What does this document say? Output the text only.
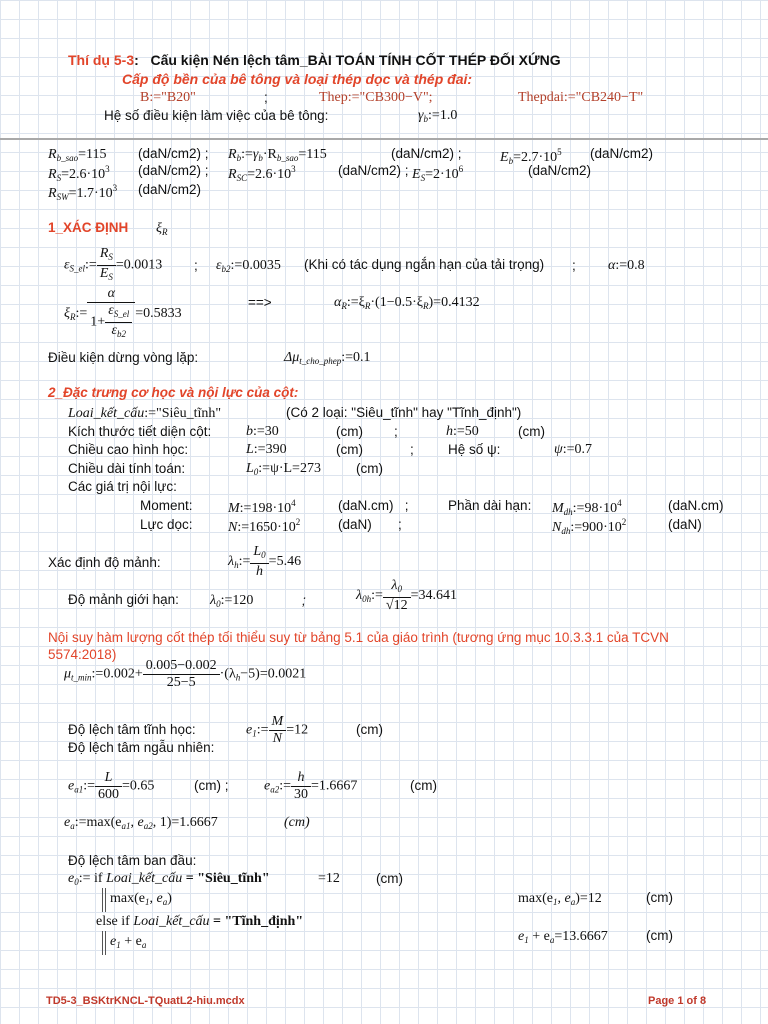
Thí dụ 5-3: Cấu kiện Nén lệch tâm_BÀI TOÁN TÍNH CỐT THÉP ĐỐI XỨNG
Cấp độ bền của bê tông và loại thép dọc và thép đai:
B:="B20"	;	Thep:="CB300−V";	Thepdai:="CB240−T"
Hệ số điều kiện làm việc của bê tông:	$\gamma_b:=1.0$
$R_{b\_sao}=115$ (daN/cm2) ; $R_b:=\gamma_b\cdot R_{b\_sao}=115$	(daN/cm2) ;	$E_b=2.7\cdot 10^5$ (daN/cm2)
$R_S=2.6\cdot 10^3$ (daN/cm2) ; $R_{SC}=2.6\cdot 10^3$	(daN/cm2) ; $E_S=2\cdot 10^6$	(daN/cm2)
$R_{SW}=1.7\cdot 10^3$ (daN/cm2)
1_XÁC ĐỊNH $\xi_R$
$\varepsilon_{S\_el}:= \frac{R_S}{E_S} =0.0013$ ; $\varepsilon_{b2}:=0.0035$ (Khi có tác dụng ngắn hạn của tải trọng) ; α:=0.8
$\xi_R:= \frac{\alpha}{1+ \frac{\varepsilon_{S\_el}}{\varepsilon_{b2}}} =0.5833$
==>	$\alpha_R:=\xi_R\cdot(1-0.5\cdot\xi_R)=0.4132$
Điều kiện dừng vòng lặp:	$\Delta\mu_{t\_cho\_phep}:=0.1$
2_Đặc trưng cơ học và nội lực của cột:
Loai_kết_cấu:="Siêu_tĩnh"	(Có 2 loại: "Siêu_tĩnh" hay "Tĩnh_định")
Kích thước tiết diện cột: b:=30	(cm) ;	h:=50	(cm)
Chiều cao hình học:	L:=390	(cm)	;	Hệ số ψ:	ψ:=0.7
Chiều dài tính toán:	$L_0:=\psi\cdot L=273$	(cm)
Các giá trị nội lực:
Moment:	$M:=198\cdot 10^4$	(daN.cm) ;	Phần dài hạn: $M_{dh}:=98\cdot 10^4$	(daN.cm)
Lực dọc:	$N:=1650\cdot 10^2$	(daN) ;	$N_{dh}:=900\cdot 10^2$	(daN)
Xác định độ mảnh:	$\lambda_h:= \frac{L_0}{h} =5.46$
Độ mảnh giới hạn: $\lambda_0:=120$	;	$\lambda_{0h}:= \frac{\lambda_0}{√12} =34.641$
Nội suy hàm lượng cốt thép tối thiểu suy từ bảng 5.1 của giáo trình (tương ứng mục 10.3.3.1 của TCVN 5574:2018)
$\mu_{t\_min}:=0.002+ \frac{0.005-0.002}{25-5} \cdot(\lambda_h-5)=0.0021$
Độ lệch tâm tĩnh học:
Độ lệch tâm ngẫu nhiên:
$e_1:= \frac{M}{N} =12$	(cm)
$e_{a1}:= \frac{L}{600} =0.65$	(cm) ;	$e_{a2}:= \frac{h}{30} =1.6667$	(cm)
$e_a:=\max(e_{a1}$, $e_{a2}$, 1)=1.6667	(cm)
Độ lệch tâm ban đầu:
$e_0:=$ if Loai_kết_cấu = "Siêu_tĩnh"	=12	(cm)
$\max(e_1$, $e_a$)
else if Loai_kết_cấu = "Tĩnh_định"
$e_1 + e_a$
$\max(e_1$, $e_a)=12$	(cm)
$e_1 + e_a=13.6667$	(cm)
TD5-3_BSKtrKNCL-TQuatL2-hiu.mcdx	Page 1 of 8
